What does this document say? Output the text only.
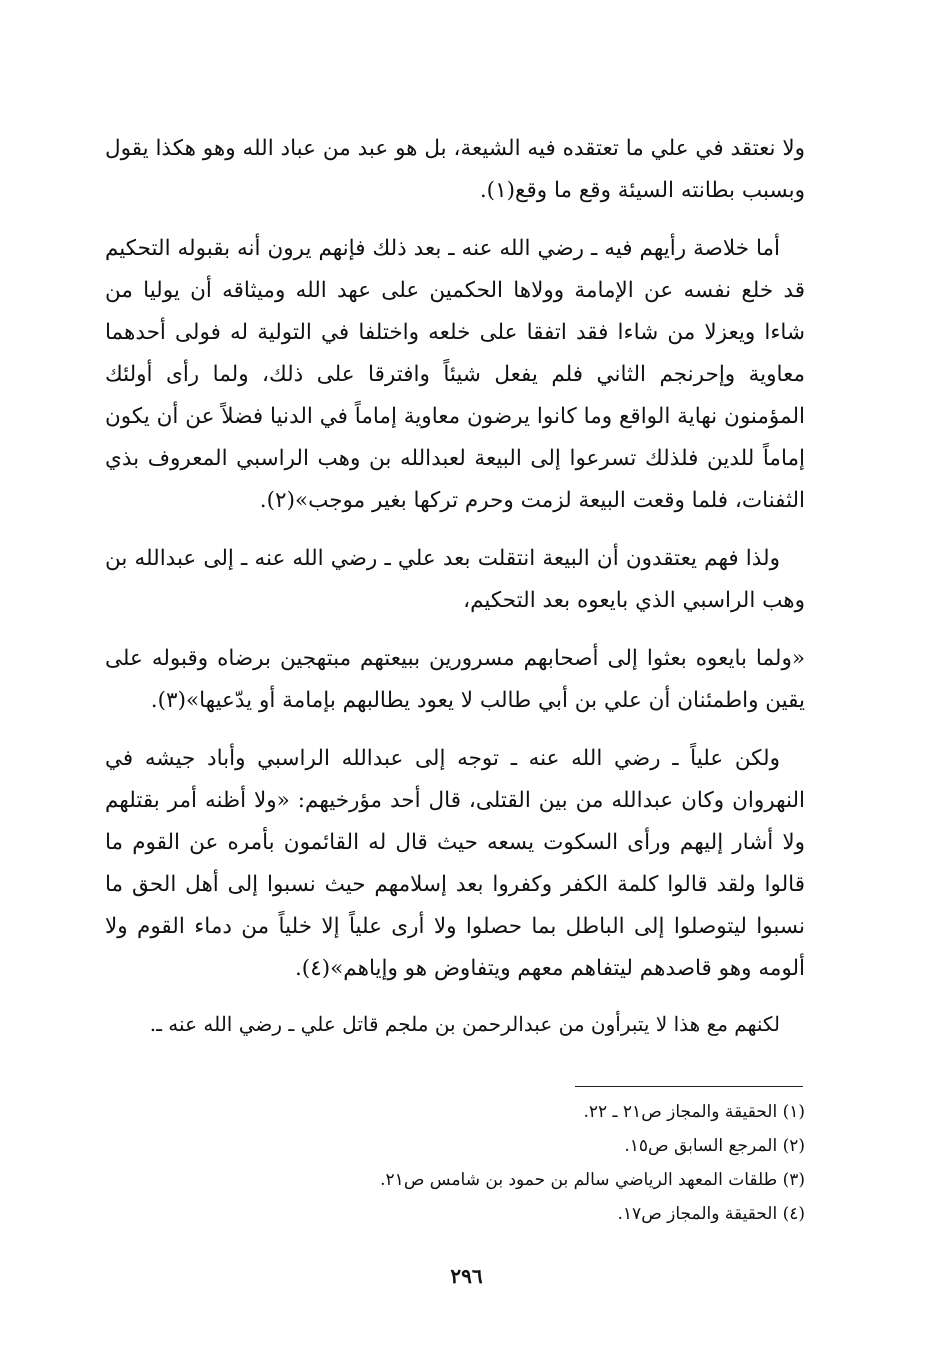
ولا نعتقد في علي ما تعتقده فيه الشيعة، بل هو عبد من عباد الله وهو هكذا يقول وبسبب بطانته السيئة وقع ما وقع(١).

أما خلاصة رأيهم فيه ـ رضي الله عنه ـ بعد ذلك فإنهم يرون أنه بقبوله التحكيم قد خلع نفسه عن الإمامة وولاها الحكمين على عهد الله وميثاقه أن يوليا من شاءا ويعزلا من شاءا فقد اتفقا على خلعه واختلفا في التولية له فولى أحدهما معاوية وإحرنجم الثاني فلم يفعل شيئاً وافترقا على ذلك، ولما رأى أولئك المؤمنون نهاية الواقع وما كانوا يرضون معاوية إماماً في الدنيا فضلاً عن أن يكون إماماً للدين فلذلك تسرعوا إلى البيعة لعبدالله بن وهب الراسبي المعروف بذي الثفنات، فلما وقعت البيعة لزمت وحرم تركها بغير موجب»(٢).

ولذا فهم يعتقدون أن البيعة انتقلت بعد علي ـ رضي الله عنه ـ إلى عبدالله بن وهب الراسبي الذي بايعوه بعد التحكيم،

«ولما بايعوه بعثوا إلى أصحابهم مسرورين ببيعتهم مبتهجين برضاه وقبوله على يقين واطمئنان أن علي بن أبي طالب لا يعود يطالبهم بإمامة أو يدّعيها»(٣).

ولكن علياً ـ رضي الله عنه ـ توجه إلى عبدالله الراسبي وأباد جيشه في النهروان وكان عبدالله من بين القتلى، قال أحد مؤرخيهم: «ولا أظنه أمر بقتلهم ولا أشار إليهم ورأى السكوت يسعه حيث قال له القائمون بأمره عن القوم ما قالوا ولقد قالوا كلمة الكفر وكفروا بعد إسلامهم حيث نسبوا إلى أهل الحق ما نسبوا ليتوصلوا إلى الباطل بما حصلوا ولا أرى علياً إلا خلياً من دماء القوم ولا ألومه وهو قاصدهم ليتفاهم معهم ويتفاوض هو وإياهم»(٤).

لكنهم مع هذا لا يتبرأون من عبدالرحمن بن ملجم قاتل علي ـ رضي الله عنه ـ.

(١) الحقيقة والمجاز ص٢١ ـ ٢٢.
(٢) المرجع السابق ص١٥.
(٣) طلقات المعهد الرياضي سالم بن حمود بن شامس ص٢١.
(٤) الحقيقة والمجاز ص١٧.
٢٩٦
